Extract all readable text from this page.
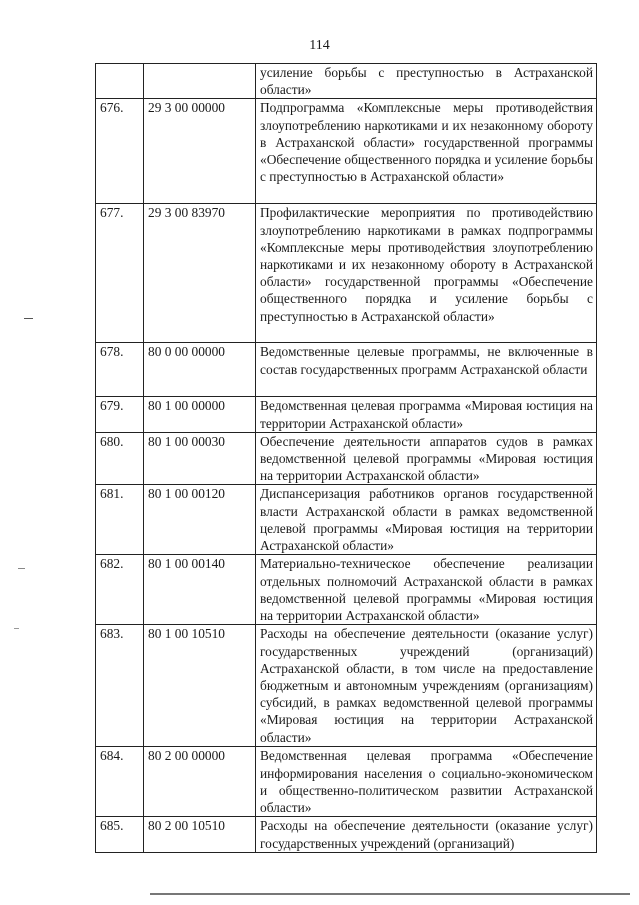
114
		усиление борьбы с преступностью в Астраханской области»
676.	29 3 00 00000	Подпрограмма «Комплексные меры противодействия злоупотреблению наркотиками и их незаконному обороту в Астраханской области» государственной программы «Обеспечение общественного порядка и усиление борьбы с преступностью в Астраханской области»
677.	29 3 00 83970	Профилактические мероприятия по противодействию злоупотреблению наркотиками в рамках подпрограммы «Комплексные меры противодействия злоупотреблению наркотиками и их незаконному обороту в Астраханской области» государственной программы «Обеспечение общественного порядка и усиление борьбы с преступностью в Астраханской области»
678.	80 0 00 00000	Ведомственные целевые программы, не включенные в состав государственных программ Астраханской области
679.	80 1 00 00000	Ведомственная целевая программа «Мировая юстиция на территории Астраханской области»
680.	80 1 00 00030	Обеспечение деятельности аппаратов судов в рамках ведомственной целевой программы «Мировая юстиция на территории Астраханской области»
681.	80 1 00 00120	Диспансеризация работников органов государственной власти Астраханской области в рамках ведомственной целевой программы «Мировая юстиция на территории Астраханской области»
682.	80 1 00 00140	Материально-техническое обеспечение реализации отдельных полномочий Астраханской области в рамках ведомственной целевой программы «Мировая юстиция на территории Астраханской области»
683.	80 1 00 10510	Расходы на обеспечение деятельности (оказание услуг) государственных учреждений (организаций) Астраханской области, в том числе на предоставление бюджетным и автономным учреждениям (организациям) субсидий, в рамках ведомственной целевой программы «Мировая юстиция на территории Астраханской области»
684.	80 2 00 00000	Ведомственная целевая программа «Обеспечение информирования населения о социально-экономическом и общественно-политическом развитии Астраханской области»
685.	80 2 00 10510	Расходы на обеспечение деятельности (оказание услуг) государственных учреждений (организаций)
